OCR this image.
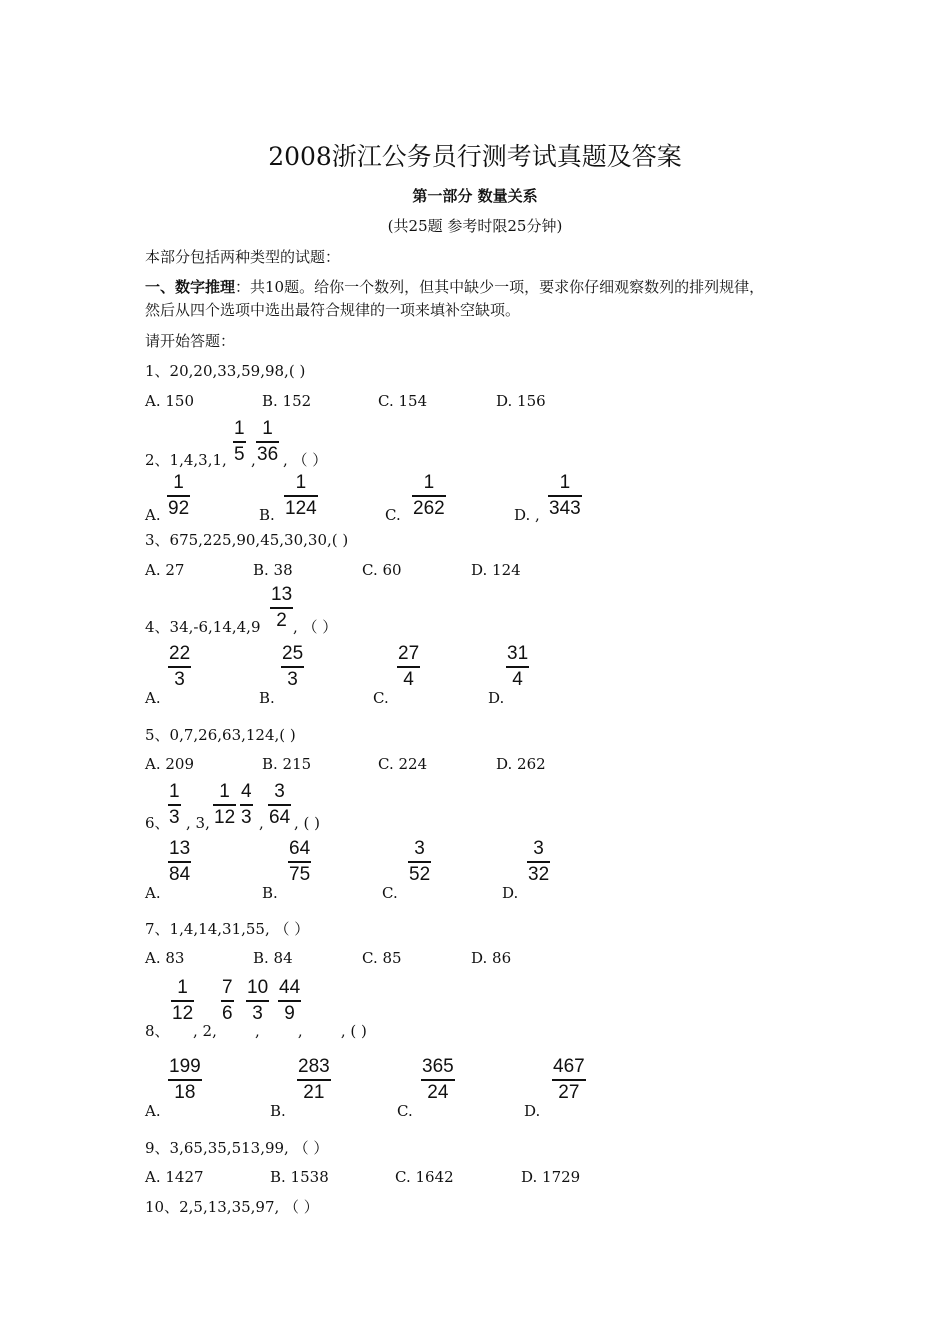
2008浙江公务员行测考试真题及答案
第一部分 数量关系
(共25题 参考时限25分钟)
本部分包括两种类型的试题：
一、数字推理：共10题。给你一个数列，但其中缺少一项，要求你仔细观察数列的排列规律，
然后从四个选项中选出最符合规律的一项来填补空缺项。
请开始答题：
1、20,20,33,59,98,( )
A. 150	B. 152	C. 154	D. 156
2、1,4,3,1,
1
5 ,
1
36 , （ ）
A.
1
92	B.
1
124	C.
1
262	D. ,
1
343
3、675,225,90,45,30,30,( )
A. 27	B. 38	C. 60	D. 124
4、34,-6,14,4,9
13
2 , （ ）
22
3
25
3
27
4
31
4
A.	B.	C.	D.
5、0,7,26,63,124,( )
A. 209	B. 215	C. 224	D. 262
6、
1
3 , 3,
1
12
4
3 ,
3
64 , ( )
13
84
64
75
3
52
3
32
A.	B.	C.	D.
7、1,4,14,31,55, （ ）
A. 83	B. 84	C. 85	D. 86
1
12
7
6
10
3
44
9
8、 , 2,        ,        ,        , ( )
199
18
283
21
365
24
467
27
A.	B.	C.	D.
9、3,65,35,513,99, （ ）
A. 1427	B. 1538	C. 1642	D. 1729
10、2,5,13,35,97, （ ）
